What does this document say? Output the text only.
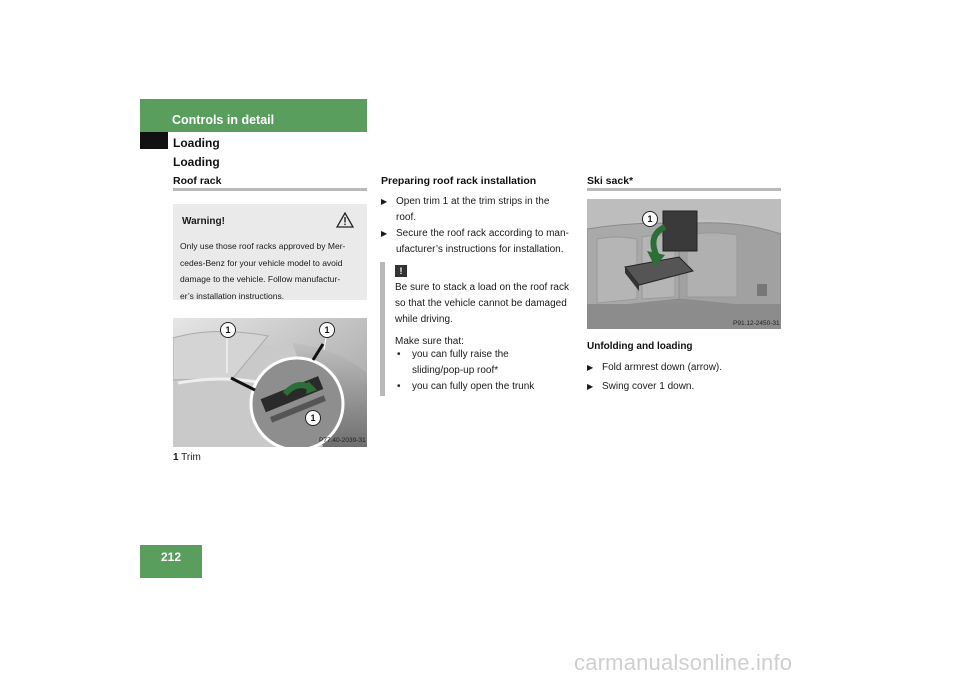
Controls in detail
Loading
Loading
Roof rack
Warning!
Only use those roof racks approved by Mer-
cedes-Benz for your vehicle model to avoid
damage to the vehicle. Follow manufactur-
er’s installation instructions.
1	1
1
P77.40-2039-31
1 Trim
Preparing roof rack installation
▶ Open trim 1 at the trim strips in the
roof.
▶ Secure the roof rack according to man-
ufacturer’s instructions for installation.
!
Be sure to stack a load on the roof rack
so that the vehicle cannot be damaged
while driving.
Make sure that:
• you can fully raise the
sliding/pop-up roof*
• you can fully open the trunk
Ski sack*
1
P91.12-2450-31
Unfolding and loading
▶ Fold armrest down (arrow).
▶ Swing cover 1 down.
212
carmanualsonline.info
